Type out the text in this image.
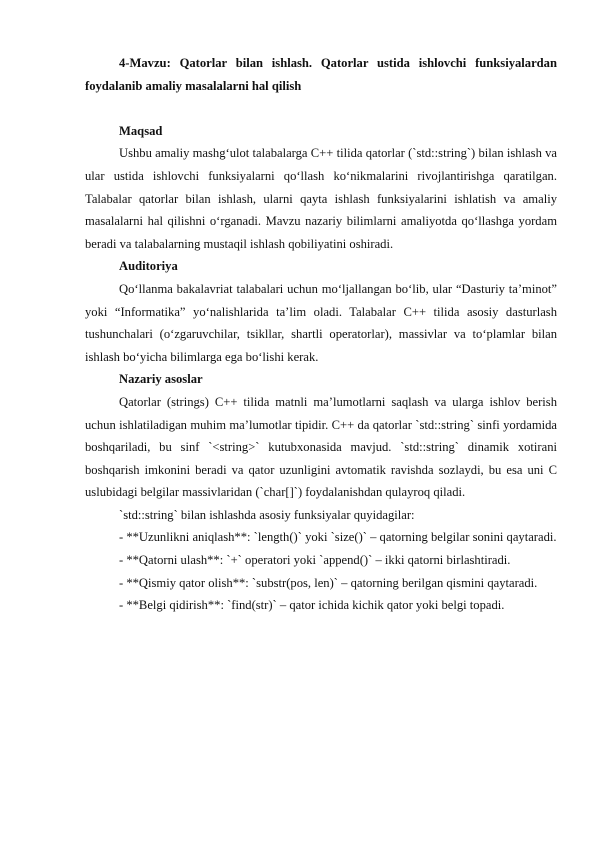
4-Mavzu: Qatorlar bilan ishlash. Qatorlar ustida ishlovchi funksiyalardan foydalanib amaliy masalalarni hal qilish

Maqsad

Ushbu amaliy mashg‘ulot talabalarga C++ tilida qatorlar (`std::string`) bilan ishlash va ular ustida ishlovchi funksiyalarni qo‘llash ko‘nikmalarini rivojlantirishga qaratilgan. Talabalar qatorlar bilan ishlash, ularni qayta ishlash funksiyalarini ishlatish va amaliy masalalarni hal qilishni o‘rganadi. Mavzu nazariy bilimlarni amaliyotda qo‘llashga yordam beradi va talabalarning mustaqil ishlash qobiliyatini oshiradi.

Auditoriya

Qo‘llanma bakalavriat talabalari uchun mo‘ljallangan bo‘lib, ular “Dasturiy ta’minot” yoki “Informatika” yo‘nalishlarida ta’lim oladi. Talabalar C++ tilida asosiy dasturlash tushunchalari (o‘zgaruvchilar, tsikllar, shartli operatorlar), massivlar va to‘plamlar bilan ishlash bo‘yicha bilimlarga ega bo‘lishi kerak.

Nazariy asoslar

Qatorlar (strings) C++ tilida matnli ma’lumotlarni saqlash va ularga ishlov berish uchun ishlatiladigan muhim ma’lumotlar tipidir. C++ da qatorlar `std::string` sinfi yordamida boshqariladi, bu sinf `<string>` kutubxonasida mavjud. `std::string` dinamik xotirani boshqarish imkonini beradi va qator uzunligini avtomatik ravishda sozlaydi, bu esa uni C uslubidagi belgilar massivlaridan (`char[]`) foydalanishdan qulayroq qiladi.

`std::string` bilan ishlashda asosiy funksiyalar quyidagilar:

- **Uzunlikni aniqlash**: `length()` yoki `size()` – qatorning belgilar sonini qaytaradi.

- **Qatorni ulash**: `+` operatori yoki `append()` – ikki qatorni birlashtiradi.

- **Qismiy qator olish**: `substr(pos, len)` – qatorning berilgan qismini qaytaradi.

- **Belgi qidirish**: `find(str)` – qator ichida kichik qator yoki belgi topadi.
